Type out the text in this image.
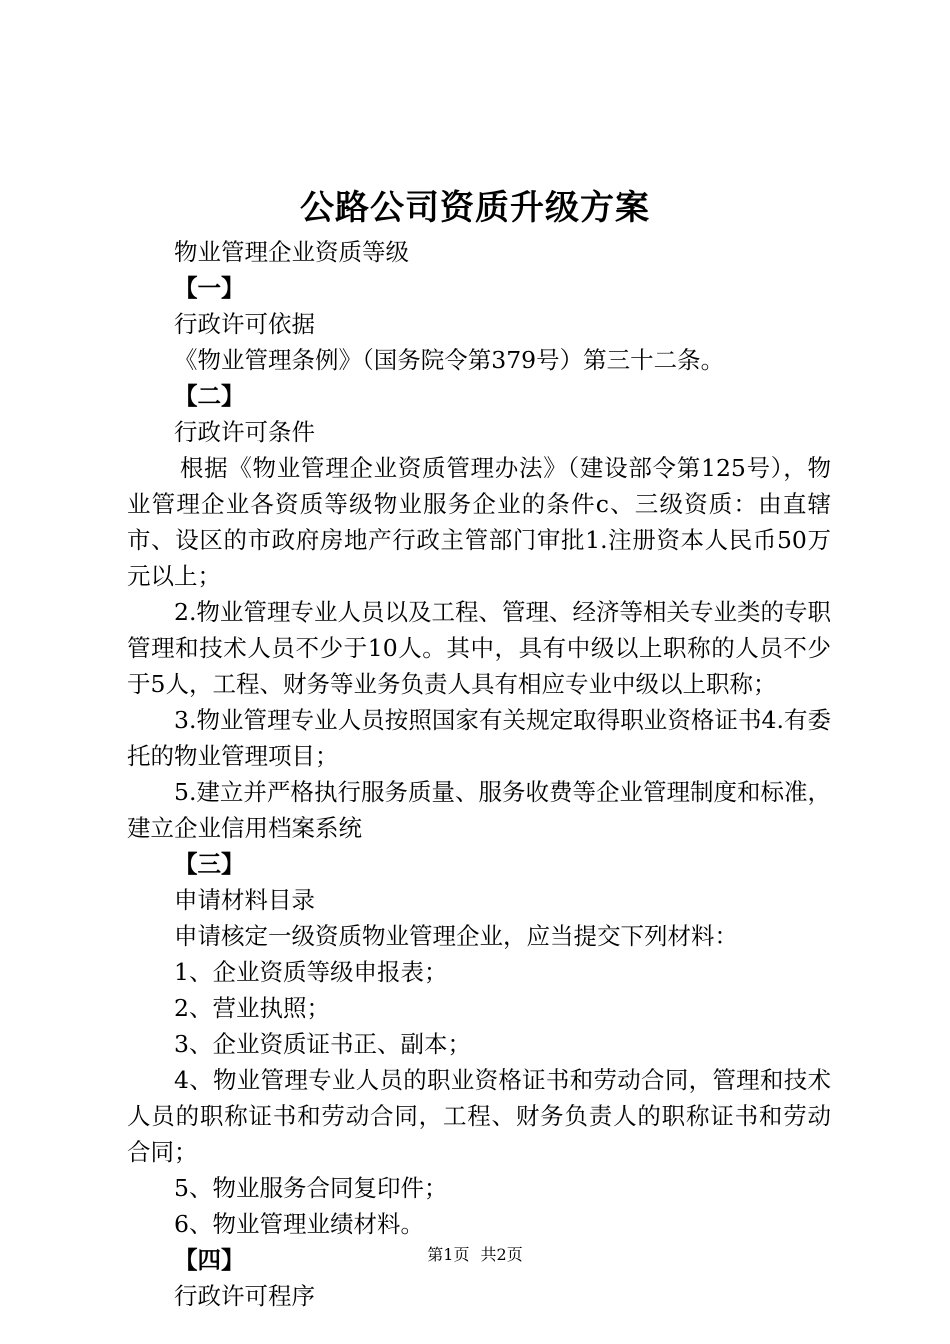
公路公司资质升级方案

物业管理企业资质等级

【一】

行政许可依据

《物业管理条例》（国务院令第379号）第三十二条。

【二】

行政许可条件

根据《物业管理企业资质管理办法》（建设部令第125号），物业管理企业各资质等级物业服务企业的条件c、三级资质：由直辖市、设区的市政府房地产行政主管部门审批1.注册资本人民币50万元以上；

2.物业管理专业人员以及工程、管理、经济等相关专业类的专职管理和技术人员不少于10人。其中，具有中级以上职称的人员不少于5人，工程、财务等业务负责人具有相应专业中级以上职称；

3.物业管理专业人员按照国家有关规定取得职业资格证书4.有委托的物业管理项目；

5.建立并严格执行服务质量、服务收费等企业管理制度和标准，建立企业信用档案系统

【三】

申请材料目录

申请核定一级资质物业管理企业，应当提交下列材料：

1、企业资质等级申报表；

2、营业执照；

3、企业资质证书正、副本；

4、物业管理专业人员的职业资格证书和劳动合同，管理和技术人员的职称证书和劳动合同，工程、财务负责人的职称证书和劳动合同；

5、物业服务合同复印件；

6、物业管理业绩材料。

【四】

行政许可程序

第1页 共2页
